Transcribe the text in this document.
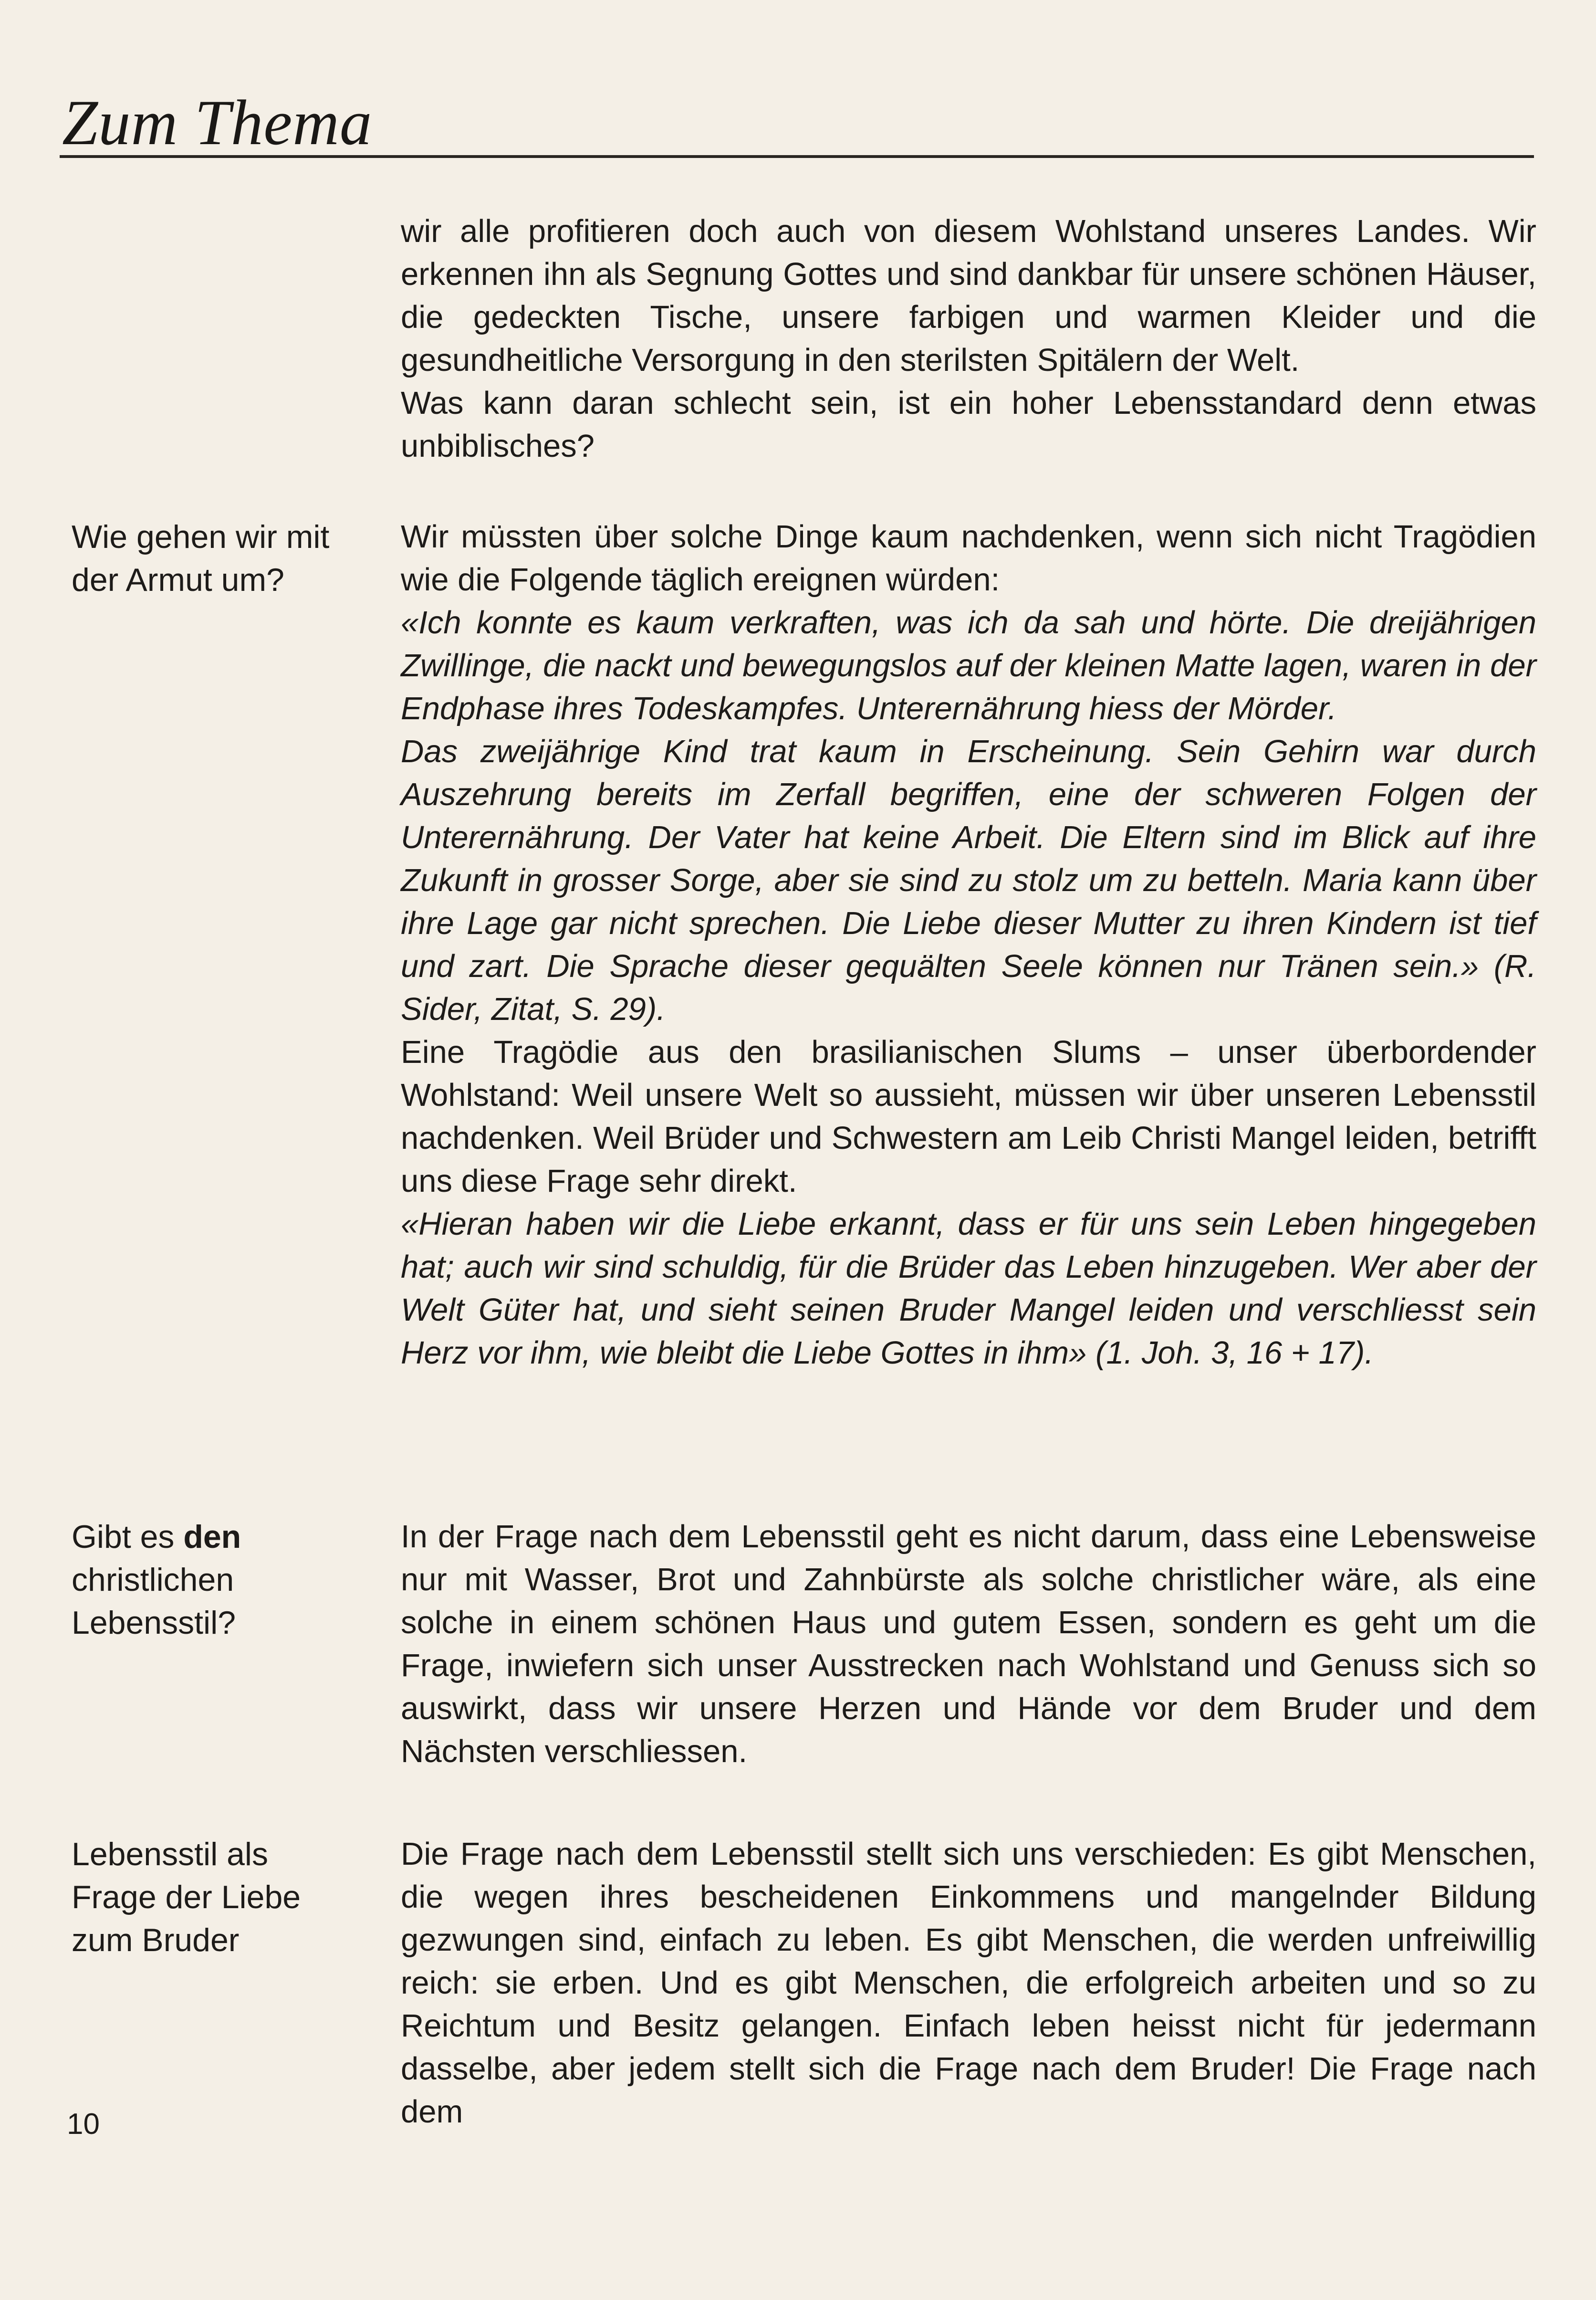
Zum Thema

wir alle profitieren doch auch von diesem Wohlstand unseres Landes. Wir erkennen ihn als Segnung Gottes und sind dankbar für unsere schönen Häuser, die gedeckten Tische, unsere farbigen und warmen Kleider und die gesundheitliche Versorgung in den sterilsten Spitälern der Welt.

Was kann daran schlecht sein, ist ein hoher Lebensstandard denn etwas unbiblisches?

Wie gehen wir mit der Armut um?

Wir müssten über solche Dinge kaum nachdenken, wenn sich nicht Tragödien wie die Folgende täglich ereignen würden:

«Ich konnte es kaum verkraften, was ich da sah und hörte. Die dreijährigen Zwillinge, die nackt und bewegungslos auf der kleinen Matte lagen, waren in der Endphase ihres Todeskampfes. Unterernährung hiess der Mörder.

Das zweijährige Kind trat kaum in Erscheinung. Sein Gehirn war durch Auszehrung bereits im Zerfall begriffen, eine der schweren Folgen der Unterernährung. Der Vater hat keine Arbeit. Die Eltern sind im Blick auf ihre Zukunft in grosser Sorge, aber sie sind zu stolz um zu betteln. Maria kann über ihre Lage gar nicht sprechen. Die Liebe dieser Mutter zu ihren Kindern ist tief und zart. Die Sprache dieser gequälten Seele können nur Tränen sein.» (R. Sider, Zitat, S. 29).

Eine Tragödie aus den brasilianischen Slums – unser überbordender Wohlstand: Weil unsere Welt so aussieht, müssen wir über unseren Lebensstil nachdenken. Weil Brüder und Schwestern am Leib Christi Mangel leiden, betrifft uns diese Frage sehr direkt.

«Hieran haben wir die Liebe erkannt, dass er für uns sein Leben hingegeben hat; auch wir sind schuldig, für die Brüder das Leben hinzugeben. Wer aber der Welt Güter hat, und sieht seinen Bruder Mangel leiden und verschliesst sein Herz vor ihm, wie bleibt die Liebe Gottes in ihm» (1. Joh. 3, 16 + 17).

Gibt es den christlichen Lebensstil?

In der Frage nach dem Lebensstil geht es nicht darum, dass eine Lebensweise nur mit Wasser, Brot und Zahnbürste als solche christlicher wäre, als eine solche in einem schönen Haus und gutem Essen, sondern es geht um die Frage, inwiefern sich unser Ausstrecken nach Wohlstand und Genuss sich so auswirkt, dass wir unsere Herzen und Hände vor dem Bruder und dem Nächsten verschliessen.

Lebensstil als Frage der Liebe zum Bruder

Die Frage nach dem Lebensstil stellt sich uns verschieden: Es gibt Menschen, die wegen ihres bescheidenen Einkommens und mangelnder Bildung gezwungen sind, einfach zu leben. Es gibt Menschen, die werden unfreiwillig reich: sie erben. Und es gibt Menschen, die erfolgreich arbeiten und so zu Reichtum und Besitz gelangen. Einfach leben heisst nicht für jedermann dasselbe, aber jedem stellt sich die Frage nach dem Bruder! Die Frage nach dem

10
